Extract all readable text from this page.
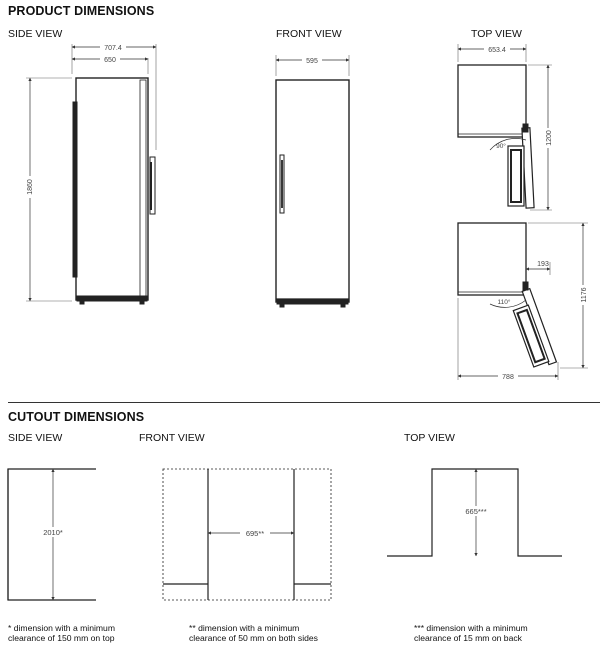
PRODUCT DIMENSIONS
SIDE VIEW	FRONT VIEW	TOP VIEW
CUTOUT DIMENSIONS
SIDE VIEW	FRONT VIEW	TOP VIEW
* dimension with a minimum clearance of 150 mm on top
** dimension with a minimum clearance of 50 mm on both sides
*** dimension with a minimum clearance of 15 mm on back
707.4
650
1860
595
653.4
90°
1200
193
110°	1176
788
2010*	695**
665***
